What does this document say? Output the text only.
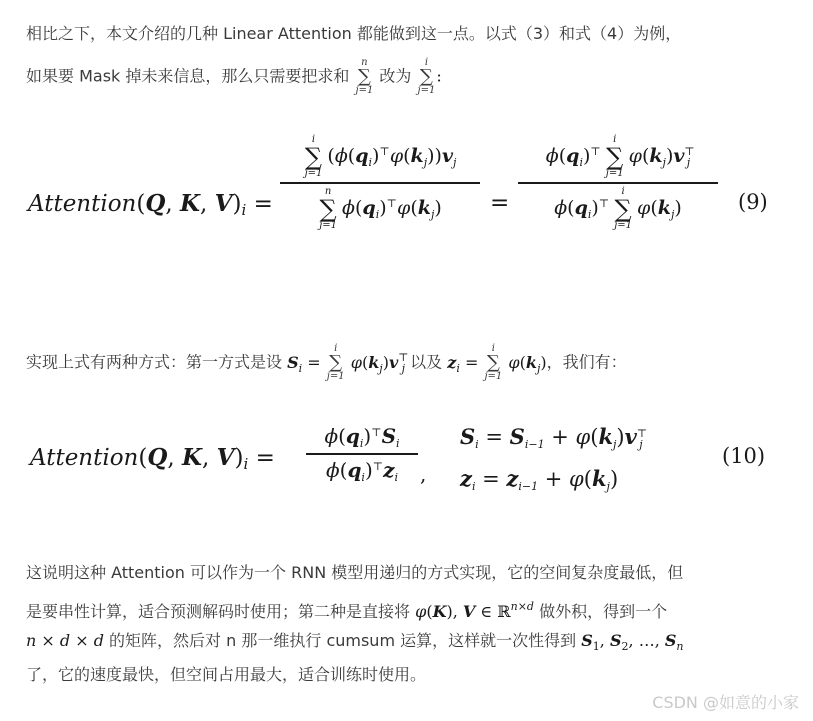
相比之下，本文介绍的几种 Linear Attention 都能做到这一点。以式（3）和式（4）为例，
如果要 Mask 掉未来信息，那么只需要把求和
n
∑
j=1
改为
i
∑
j=1
:
Attention(Q, K, $V)_i$ =
i
∑
j=1
$(\phi(q_i)^⊤\varphi(k_j))v_j$
n
∑
j=1
$\phi(q_i)^⊤\varphi(k_j)$ =
$\phi(q_i)^⊤$
i
∑
j=1
$\varphi(k_j)v^⊤_j$
$\phi(q_i)^⊤$
i
∑
j=1
$\varphi(k_j)$	(9)
实现上式有两种方式：第一方式是设 $S_i$ =
i
∑
j=1
$\varphi(k_j)v^⊤_j$ 以及 $z_i$ =
i
∑
j=1
$\varphi(k_j)$，我们有：
Attention(Q, K, $V)_i$ =
$\phi(q_i)^⊤S_i$
$\phi(q_i)^⊤z_i$ ,
$S_i = S_{i-1} + \varphi(k_j)v^⊤_j$
$z_i = z_{i-1} + \varphi(k_j)$
(10)
这说明这种 Attention 可以作为一个 RNN 模型用递归的方式实现，它的空间复杂度最低，但
是要串性计算，适合预测解码时使用；第二种是直接将 φ(K), V ∈ ℝ$^{n\times d}$ 做外积，得到一个
n × d × d 的矩阵，然后对 n 那一维执行 cumsum 运算，这样就一次性得到 $S_1$, $S_2$, …, $S_n$
了，它的速度最快，但空间占用最大，适合训练时使用。
CSDN @如意的小家
